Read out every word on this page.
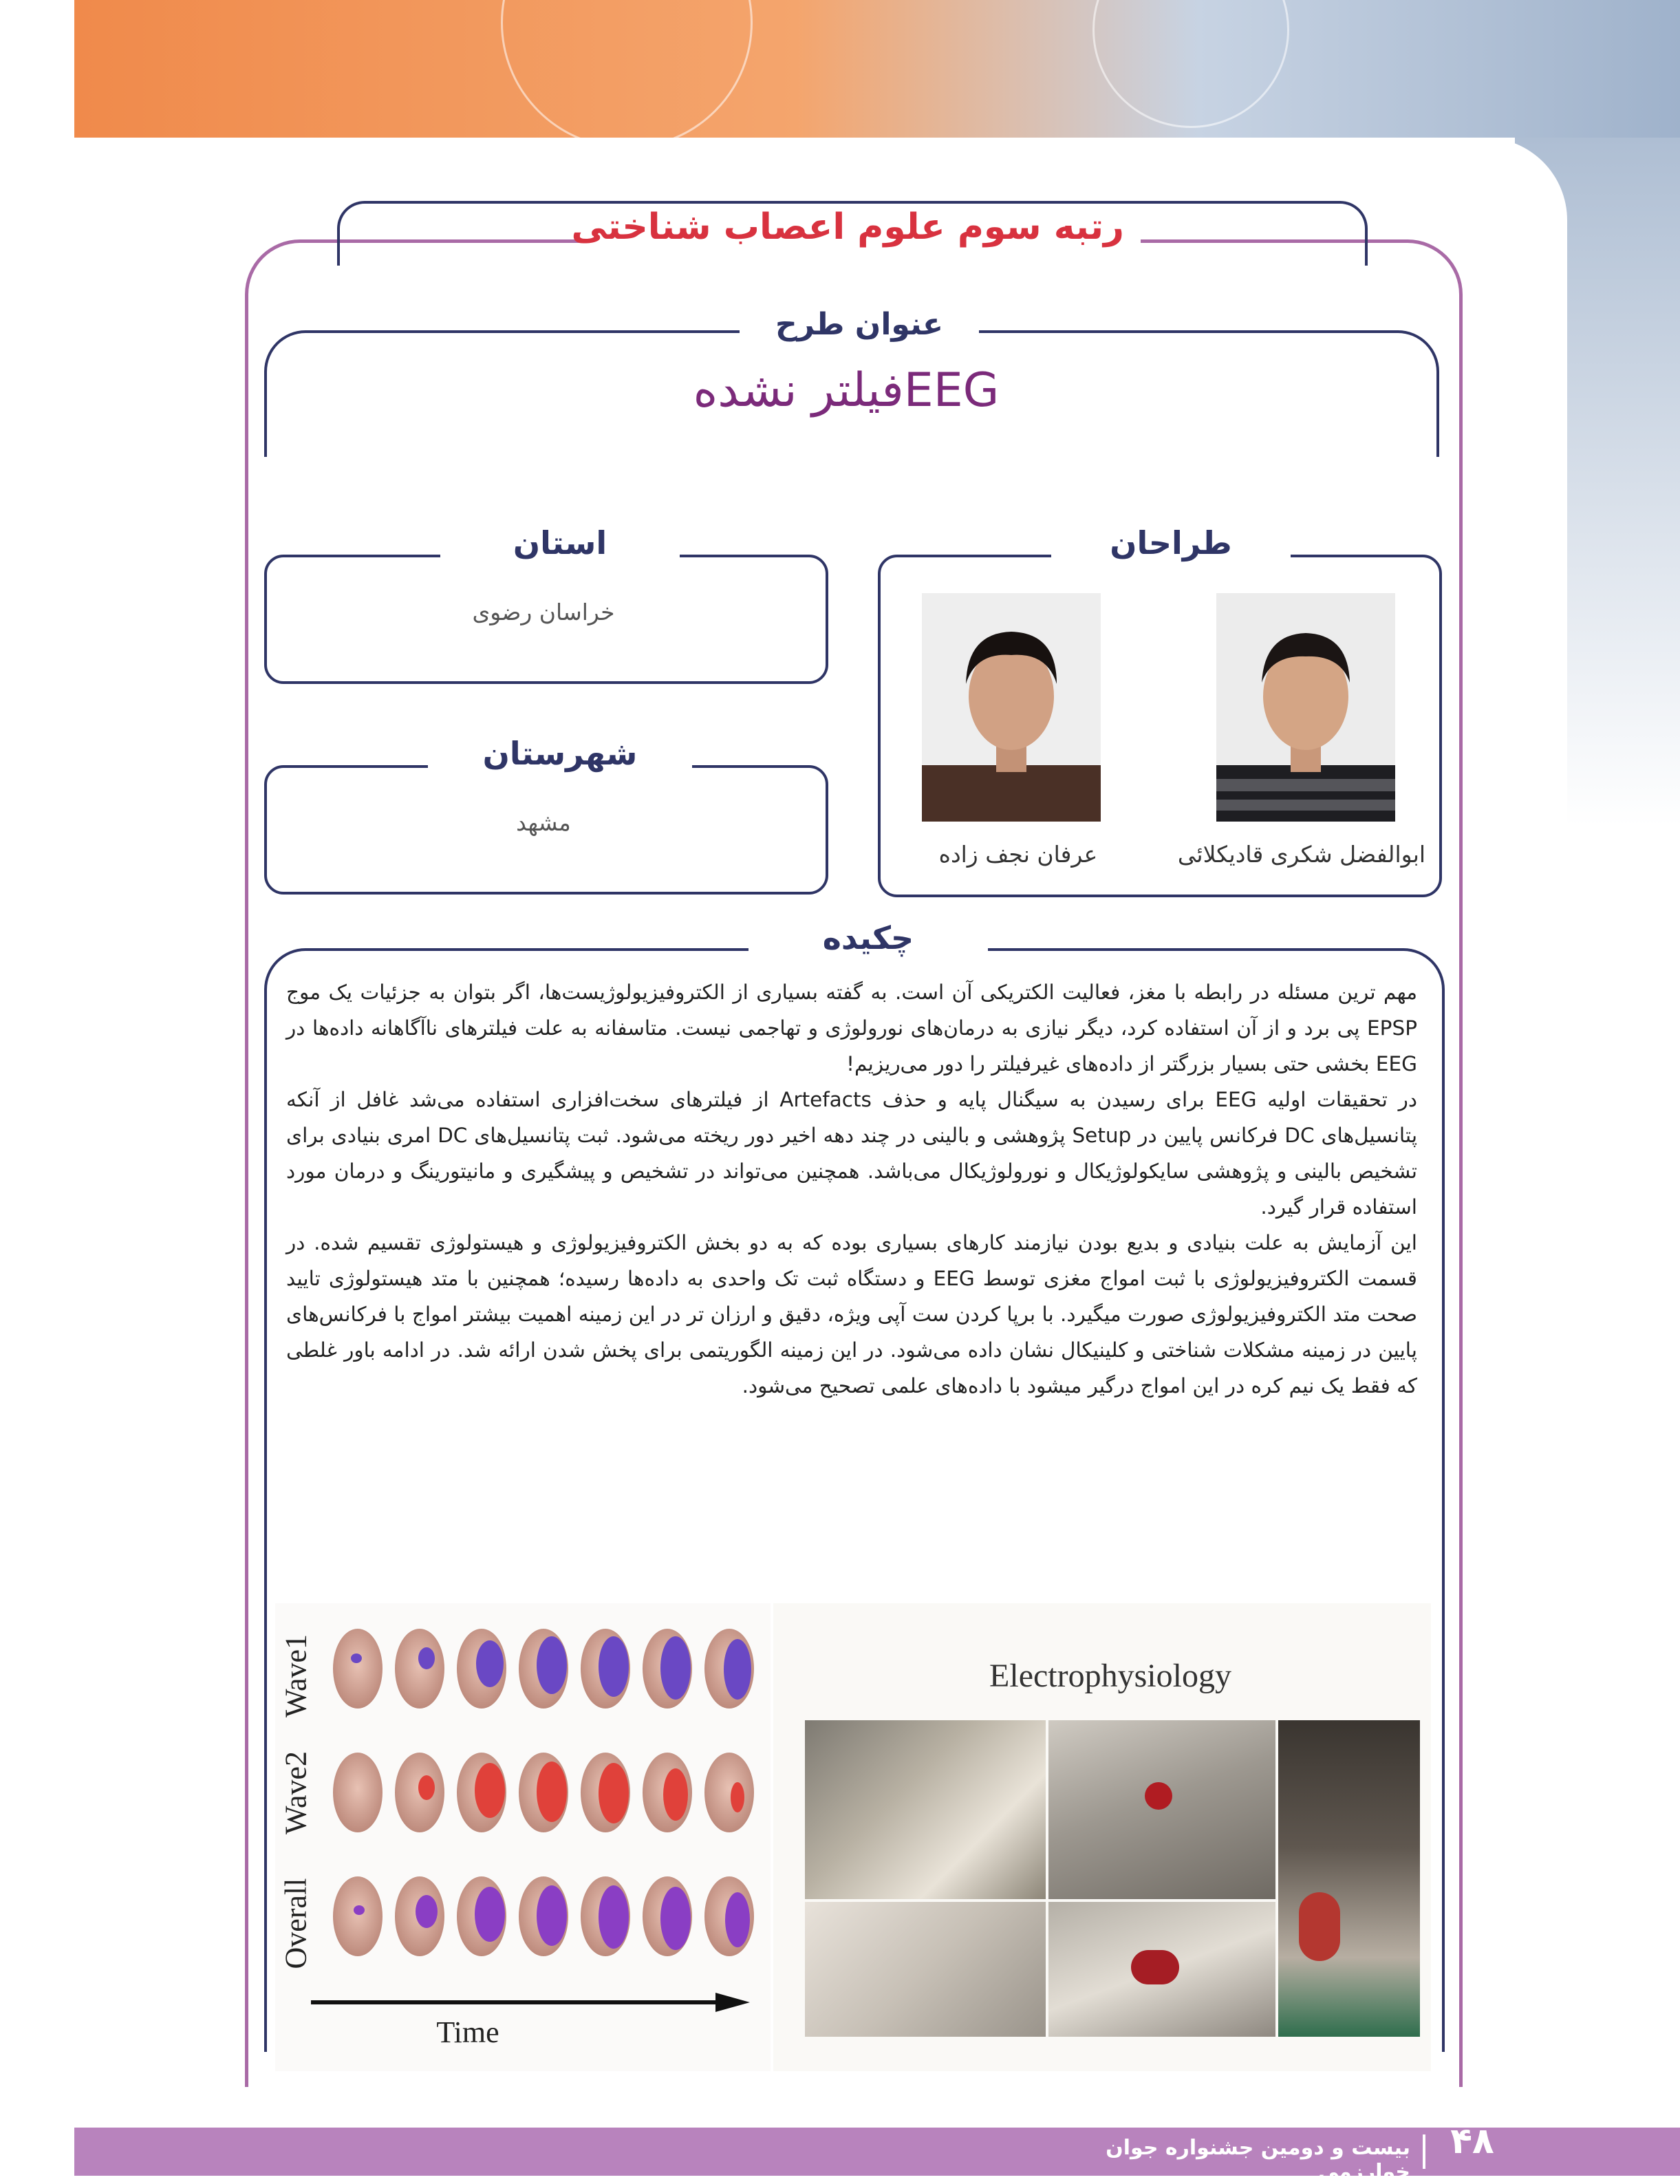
رتبه سوم علوم اعصاب شناختی
عنوان طرح
EEGفیلتر نشده
طراحان
ابوالفضل شکری قادیکلائی
عرفان نجف زاده
استان
خراسان رضوی
شهرستان
مشهد
چکیده

مهم ترین مسئله در رابطه با مغز، فعالیت الکتریکی آن است. به گفته بسیاری از الکتروفیزیولوژیست‌ها، اگر بتوان به جزئیات یک موج EPSP پی برد و از آن استفاده کرد، دیگر نیازی به درمان‌های نورولوژی و تهاجمی نیست. متاسفانه به علت فیلترهای ناآگاهانه داده‌ها در EEG بخشی حتی بسیار بزرگتر از داده‌های غیرفیلتر را دور می‌ریزیم!

در تحقیقات اولیه EEG برای رسیدن به سیگنال پایه و حذف Artefacts از فیلترهای سخت‌افزاری استفاده می‌شد غافل از آنکه پتانسیل‌های DC فرکانس پایین در Setup پژوهشی و بالینی در چند دهه اخیر دور ریخته می‌شود. ثبت پتانسیل‌های DC امری بنیادی برای تشخیص بالینی و پژوهشی سایکولوژیکال و نورولوژیکال می‌باشد. همچنین می‌تواند در تشخیص و پیشگیری و مانیتورینگ و درمان مورد استفاده قرار گیرد.

این آزمایش به علت بنیادی و بدیع بودن نیازمند کارهای بسیاری بوده که به دو بخش الکتروفیزیولوژی و هیستولوژی تقسیم شده. در قسمت الکتروفیزیولوژی با ثبت امواج مغزی توسط EEG و دستگاه ثبت تک واحدی به داده‌ها رسیده؛ همچنین با متد هیستولوژی تایید صحت متد الکتروفیزیولوژی صورت میگیرد. با برپا کردن ست آپی ویژه، دقیق و ارزان تر در این زمینه اهمیت بیشتر امواج با فرکانس‌های پایین در زمینه مشکلات شناختی و کلینیکال نشان داده می‌شود. در این زمینه الگوریتمی برای پخش شدن ارائه شد. در ادامه باور غلطی که فقط یک نیم کره در این امواج درگیر میشود با داده‌های علمی تصحیح می‌شود.

Wave1
Wave2
Overall
Time
Electrophysiology
۴۸
بیست و دومین جشنواره جوان خوارزمی
